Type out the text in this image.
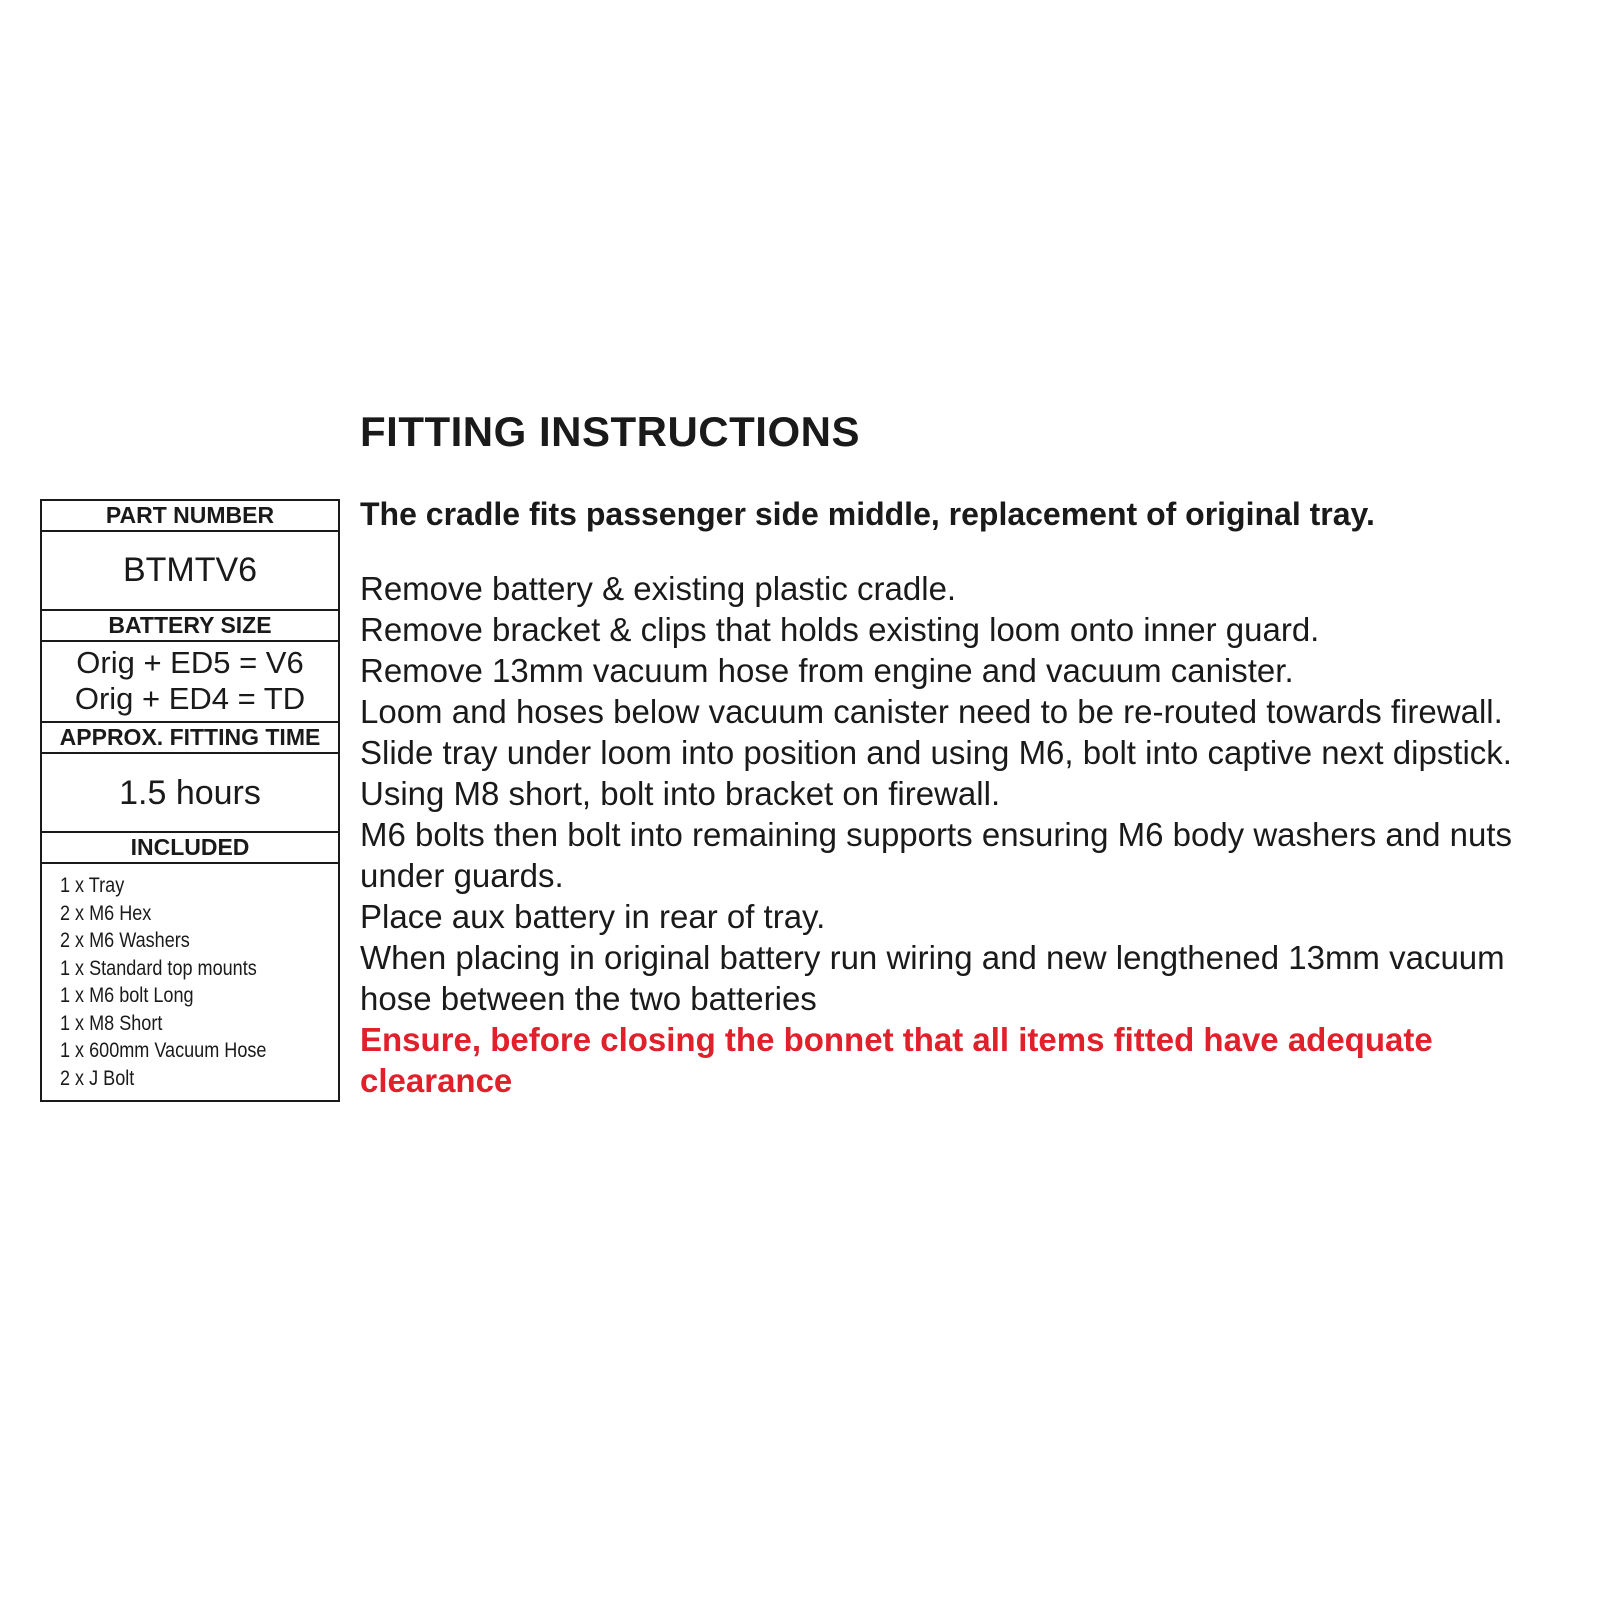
FITTING INSTRUCTIONS
PART NUMBER
BTMTV6
BATTERY SIZE
Orig + ED5 = V6
Orig + ED4 = TD
APPROX. FITTING TIME
1.5 hours
INCLUDED
1 x Tray
2 x M6 Hex
2 x M6 Washers
1 x Standard top mounts
1 x M6 bolt Long
1 x M8 Short
1 x 600mm Vacuum Hose
2 x J Bolt

The cradle fits passenger side middle, replacement of original tray.

Remove battery & existing plastic cradle.

Remove bracket & clips that holds existing loom onto inner guard.

Remove 13mm vacuum hose from engine and vacuum canister.

Loom and hoses below vacuum canister need to be re-routed towards firewall.

Slide tray under loom into position and using M6, bolt into captive next dipstick.

Using M8 short, bolt into bracket on firewall.

M6 bolts then bolt into remaining supports ensuring M6 body washers and nuts under guards.

Place aux battery in rear of tray.

When placing in original battery run wiring and new lengthened 13mm vacuum hose between the two batteries

Ensure, before closing the bonnet that all items fitted have adequate clearance
